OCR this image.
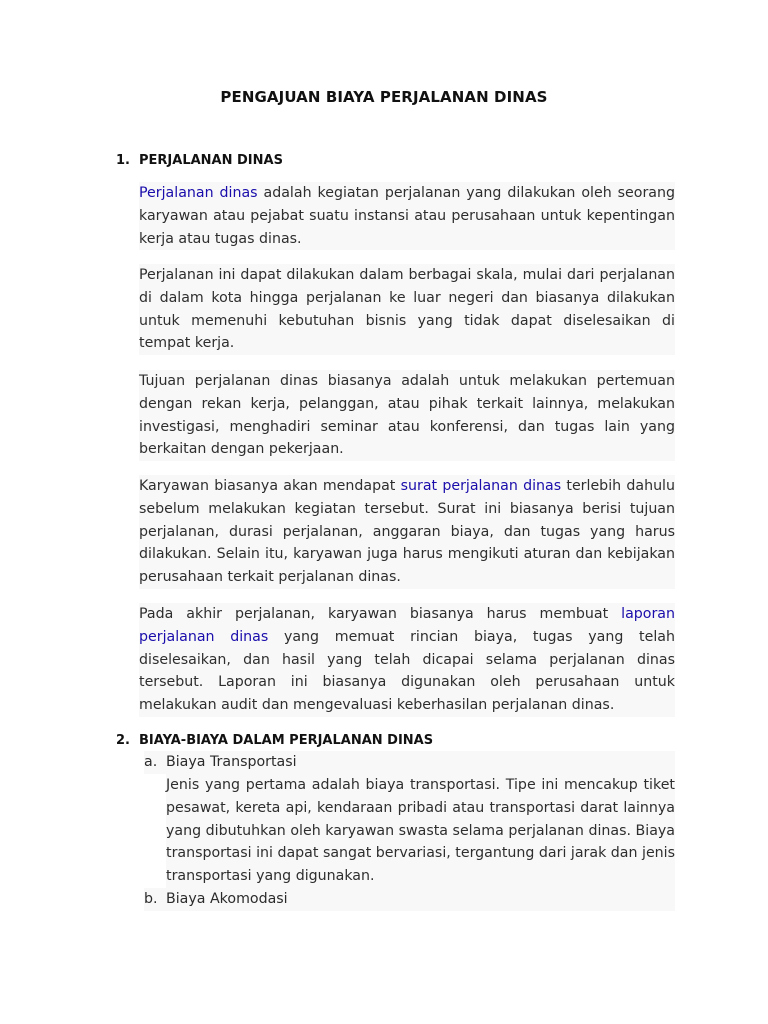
PENGAJUAN BIAYA PERJALANAN DINAS
1. PERJALANAN DINAS
Perjalanan dinas adalah kegiatan perjalanan yang dilakukan oleh seorang karyawan atau pejabat suatu instansi atau perusahaan untuk kepentingan kerja atau tugas dinas.
Perjalanan ini dapat dilakukan dalam berbagai skala, mulai dari perjalanan di dalam kota hingga perjalanan ke luar negeri dan biasanya dilakukan untuk memenuhi kebutuhan bisnis yang tidak dapat diselesaikan di tempat kerja.
Tujuan perjalanan dinas biasanya adalah untuk melakukan pertemuan dengan rekan kerja, pelanggan, atau pihak terkait lainnya, melakukan investigasi, menghadiri seminar atau konferensi, dan tugas lain yang berkaitan dengan pekerjaan.
Karyawan biasanya akan mendapat surat perjalanan dinas terlebih dahulu sebelum melakukan kegiatan tersebut. Surat ini biasanya berisi tujuan perjalanan, durasi perjalanan, anggaran biaya, dan tugas yang harus dilakukan. Selain itu, karyawan juga harus mengikuti aturan dan kebijakan perusahaan terkait perjalanan dinas.
Pada akhir perjalanan, karyawan biasanya harus membuat laporan perjalanan dinas yang memuat rincian biaya, tugas yang telah diselesaikan, dan hasil yang telah dicapai selama perjalanan dinas tersebut. Laporan ini biasanya digunakan oleh perusahaan untuk melakukan audit dan mengevaluasi keberhasilan perjalanan dinas.
2. BIAYA-BIAYA DALAM PERJALANAN DINAS
a. Biaya Transportasi
Jenis yang pertama adalah biaya transportasi. Tipe ini mencakup tiket pesawat, kereta api, kendaraan pribadi atau transportasi darat lainnya yang dibutuhkan oleh karyawan swasta selama perjalanan dinas. Biaya transportasi ini dapat sangat bervariasi, tergantung dari jarak dan jenis transportasi yang digunakan.
b. Biaya Akomodasi
